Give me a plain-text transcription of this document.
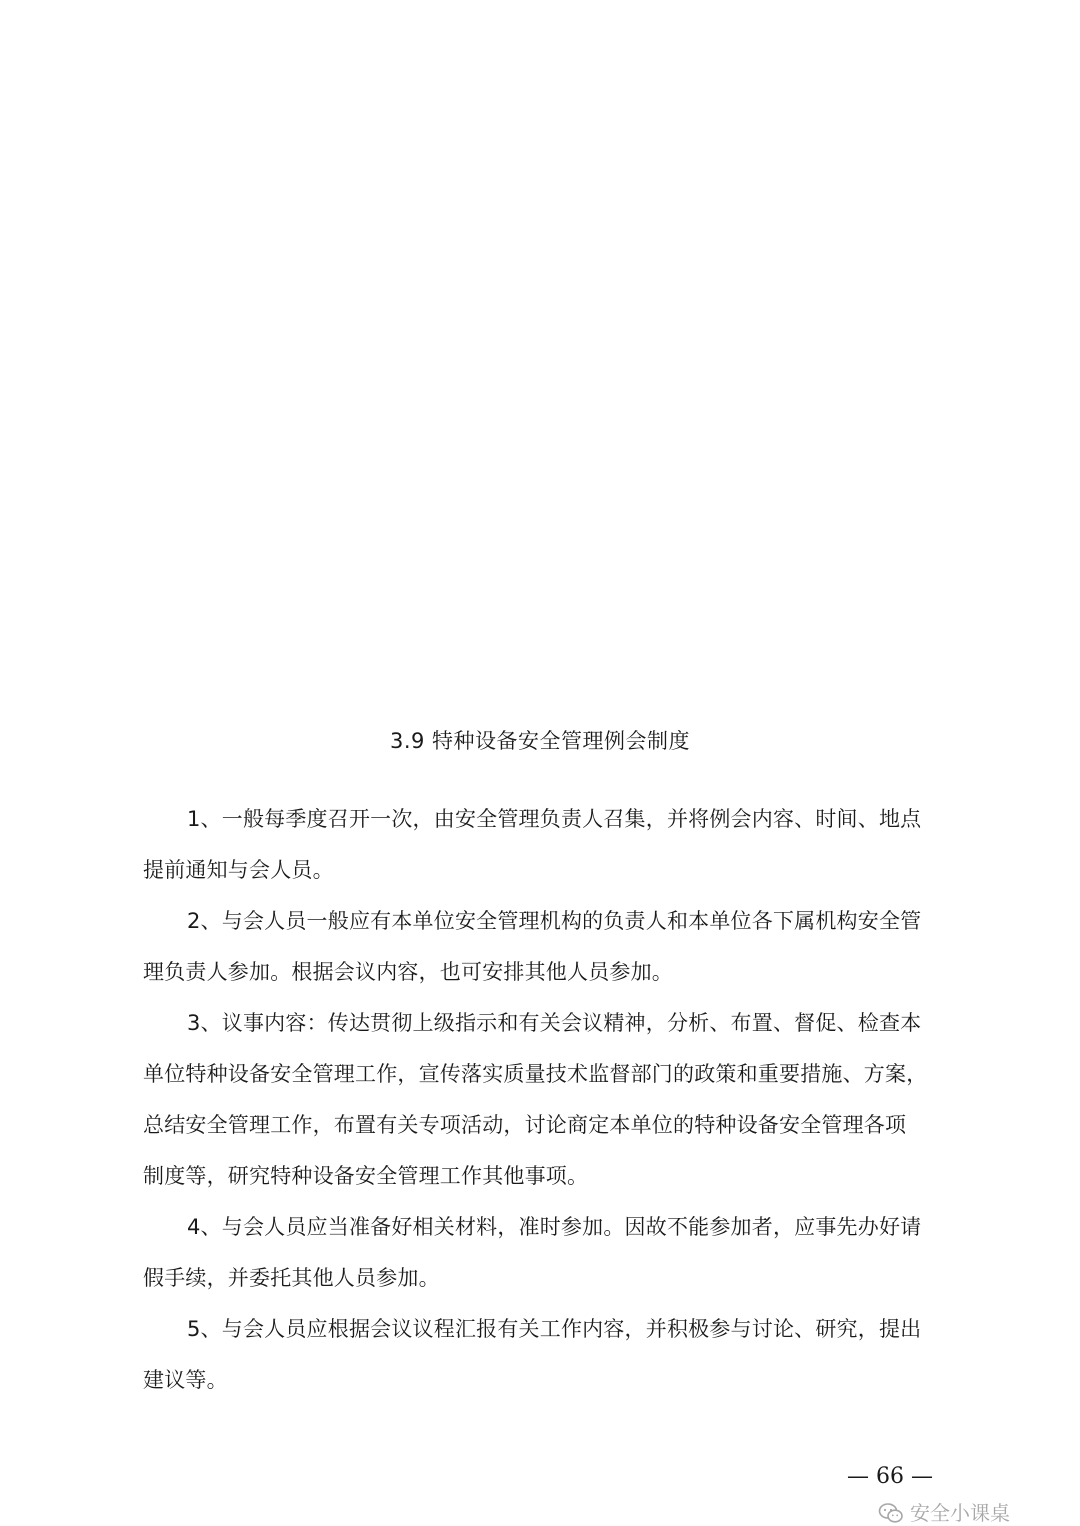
3.9 特种设备安全管理例会制度

1、一般每季度召开一次，由安全管理负责人召集，并将例会内容、时间、地点
提前通知与会人员。

2、与会人员一般应有本单位安全管理机构的负责人和本单位各下属机构安全管
理负责人参加。根据会议内容，也可安排其他人员参加。

3、议事内容：传达贯彻上级指示和有关会议精神，分析、布置、督促、检查本
单位特种设备安全管理工作，宣传落实质量技术监督部门的政策和重要措施、方案，
总结安全管理工作，布置有关专项活动，讨论商定本单位的特种设备安全管理各项
制度等，研究特种设备安全管理工作其他事项。

4、与会人员应当准备好相关材料，准时参加。因故不能参加者，应事先办好请
假手续，并委托其他人员参加。

5、与会人员应根据会议议程汇报有关工作内容，并积极参与讨论、研究，提出
建议等。

— 66 —
安全小课桌
